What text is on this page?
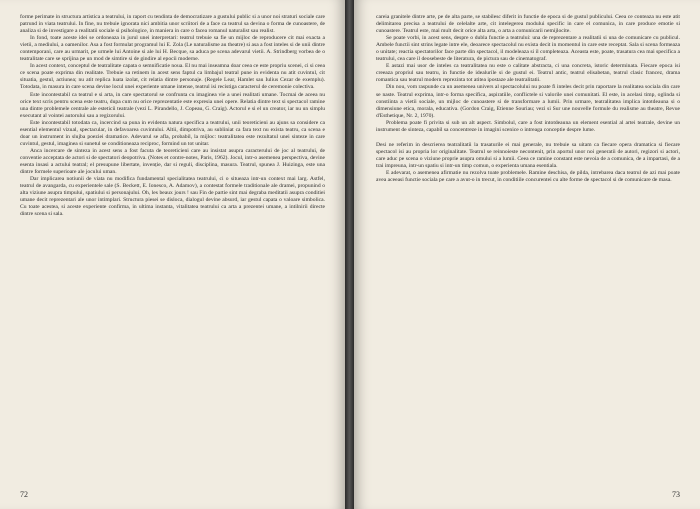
forme perimate in structura artistica a teatrului, in raport cu tendinta de democratizare a gustului public si a unor noi straturi sociale care patrund in viata teatrului. In fine, nu trebuie ignorata nici ambitia unor scriitori de a face ca teatrul sa devina o forma de cunoastere, de analiza si de investigare a realitatii sociale si psihologice, in maniera in care o facea romanul naturalist sau realist.

In fond, toate aceste idei se ordoneaza in jurul unei interpretari: teatrul trebuie sa fie un mijloc de reproducere cit mai exacta a vietii, a mediului, a oamenilor. Asa a fost formulat programul lui E. Zola (Le naturalisme au theatre) si asa a fost inteles si de unii dintre contemporani, care au urmarit, pe urmele lui Antoine si ale lui H. Becque, sa aduca pe scena adevarul vietii. A. Strindberg vorbea de o teatralitate care se sprijina pe un mod de simtire si de gindire al epocii moderne.

In acest context, conceptul de teatralitate capata o semnificatie noua. El nu mai inseamna doar ceea ce este propriu scenei, ci si ceea ce scena poate exprima din realitate. Trebuie sa retinem in acest sens faptul ca limbajul teatral pune in evidenta nu atit cuvintul, cit situatia, gestul, actiunea; nu atit replica luata izolat, cit relatia dintre personaje. (Regele Lear, Hamlet sau Iulius Cezar de exemplu). Totodata, in masura in care scena devine locul unei experiente umane intense, teatrul isi recistiga caracterul de ceremonie colectiva.

Este incontestabil ca teatrul e si arta, in care spectatorul se confrunta cu imaginea vie a unei realitati umane. Tocmai de aceea nu orice text scris pentru scena este teatru, dupa cum nu orice reprezentatie este expresia unei opere. Relatia dintre text si spectacol ramine una dintre problemele centrale ale esteticii teatrale (vezi L. Pirandello, J. Copeau, G. Craig). Actorul e si el un creator, iar nu un simplu executant al vointei autorului sau a regizorului.

Este incontestabil totodata ca, incercind sa puna in evidenta natura specifica a teatrului, unii teoreticieni au ajuns sa considere ca esential elementul vizual, spectacular, in defavoarea cuvintului. Altii, dimpotriva, au subliniat ca fara text nu exista teatru, ca scena e doar un instrument in slujba poeziei dramatice. Adevarul se afla, probabil, la mijloc: teatralitatea este rezultatul unei sinteze in care cuvintul, gestul, imaginea si sunetul se conditioneaza reciproc, formind un tot unitar.

Anca incercare de sinteza in acest sens a fost facuta de teoreticieni care au insistat asupra caracterului de joc al teatrului, de conventie acceptata de actori si de spectatori deopotriva. (Notes et contre-notes, Paris, 1962). Jocul, intr-o asemenea perspectiva, devine esenta insasi a actului teatral; el presupune libertate, invenție, dar si reguli, disciplina, masura. Teatrul, spunea J. Huizinga, este una dintre formele superioare ale jocului uman.

Dar implicarea notiunii de viata nu modifica fundamental specialitatea teatrului, ci o situeaza intr-un context mai larg. Astfel, teatrul de avangarda, cu experientele sale (S. Beckett, E. Ionesco, A. Adamov), a contestat formele traditionale ale dramei, propunind o alta viziune asupra timpului, spatiului si personajului. Oh, les beaux jours ! sau Fin de partie sint mai degraba meditatii asupra conditiei umane decit reprezentari ale unor intimplari. Structura piesei se disloca, dialogul devine absurd, iar gestul capata o valoare simbolica. Cu toate acestea, si aceste experiente confirma, in ultima instanta, vitalitatea teatrului ca arta a prezentei umane, a intilnirii directe dintre scena si sala.

72

careia granitele dintre arte, pe de alta parte, se stabilesc diferit in functie de epoca si de gustul publicului. Ceea ce conteaza nu este atit delimitarea precisa a teatrului de celelalte arte, cit intelegerea modului specific in care el comunica, in care produce emotie si cunoastere. Teatrul este, mai mult decit orice alta arta, o arta a comunicarii nemijlocite.

Se poate vorbi, in acest sens, despre o dubla functie a teatrului: una de reprezentare a realitatii si una de comunicare cu publicul. Ambele functii sint strins legate intre ele, deoarece spectacolul nu exista decit in momentul in care este receptat. Sala si scena formeaza o unitate; reactia spectatorilor face parte din spectacol, il modeleaza si il completeaza. Aceasta este, poate, trasatura cea mai specifica a teatrului, cea care il deosebeste de literatura, de pictura sau de cinematograf.

E astazi mai usor de inteles ca teatralitatea nu este o calitate abstracta, ci una concreta, istoric determinata. Fiecare epoca isi creeaza propriul sau teatru, in functie de idealurile si de gustul ei. Teatrul antic, teatrul elisabetan, teatrul clasic francez, drama romantica sau teatrul modern reprezinta tot atitea ipostaze ale teatralitatii.

Din nou, vom raspunde ca un asemenea univers al spectacolului nu poate fi inteles decit prin raportare la realitatea sociala din care se naste. Teatrul exprima, intr-o forma specifica, aspiratiile, conflictele si valorile unei comunitati. El este, in acelasi timp, oglinda si constiinta a vietii sociale, un mijloc de cunoastere si de transformare a lumii. Prin urmare, teatralitatea implica intotdeauna si o dimensiune etica, morala, educativa. (Gordon Craig, Etienne Souriau; vezi si Sur une nouvelle formule du realisme au theatre, Revue d'Esthetique, Nr. 2, 1970).

Problema poate fi privita si sub un alt aspect. Simbolul, care a fost intotdeauna un element esential al artei teatrale, devine un instrument de sinteza, capabil sa concentreze in imagini scenice o intreaga conceptie despre lume.

Desi ne referim in descrierea teatralitatii la trasaturile ei mai generale, nu trebuie sa uitam ca fiecare opera dramatica si fiecare spectacol isi au propria lor originalitate. Teatrul se reinnoieste necontenit, prin aportul unor noi generatii de autori, regizori si actori, care aduc pe scena o viziune proprie asupra omului si a lumii. Ceea ce ramine constant este nevoia de a comunica, de a impartasi, de a trai impreuna, intr-un spatiu si intr-un timp comun, o experienta umana esentiala.

E adevarat, o asemenea afirmatie nu rezolva toate problemele. Ramine deschisa, de pilda, intrebarea daca teatrul de azi mai poate avea aceeasi functie sociala pe care a avut-o in trecut, in conditiile concurentei cu alte forme de spectacol si de comunicare de masa.

73
